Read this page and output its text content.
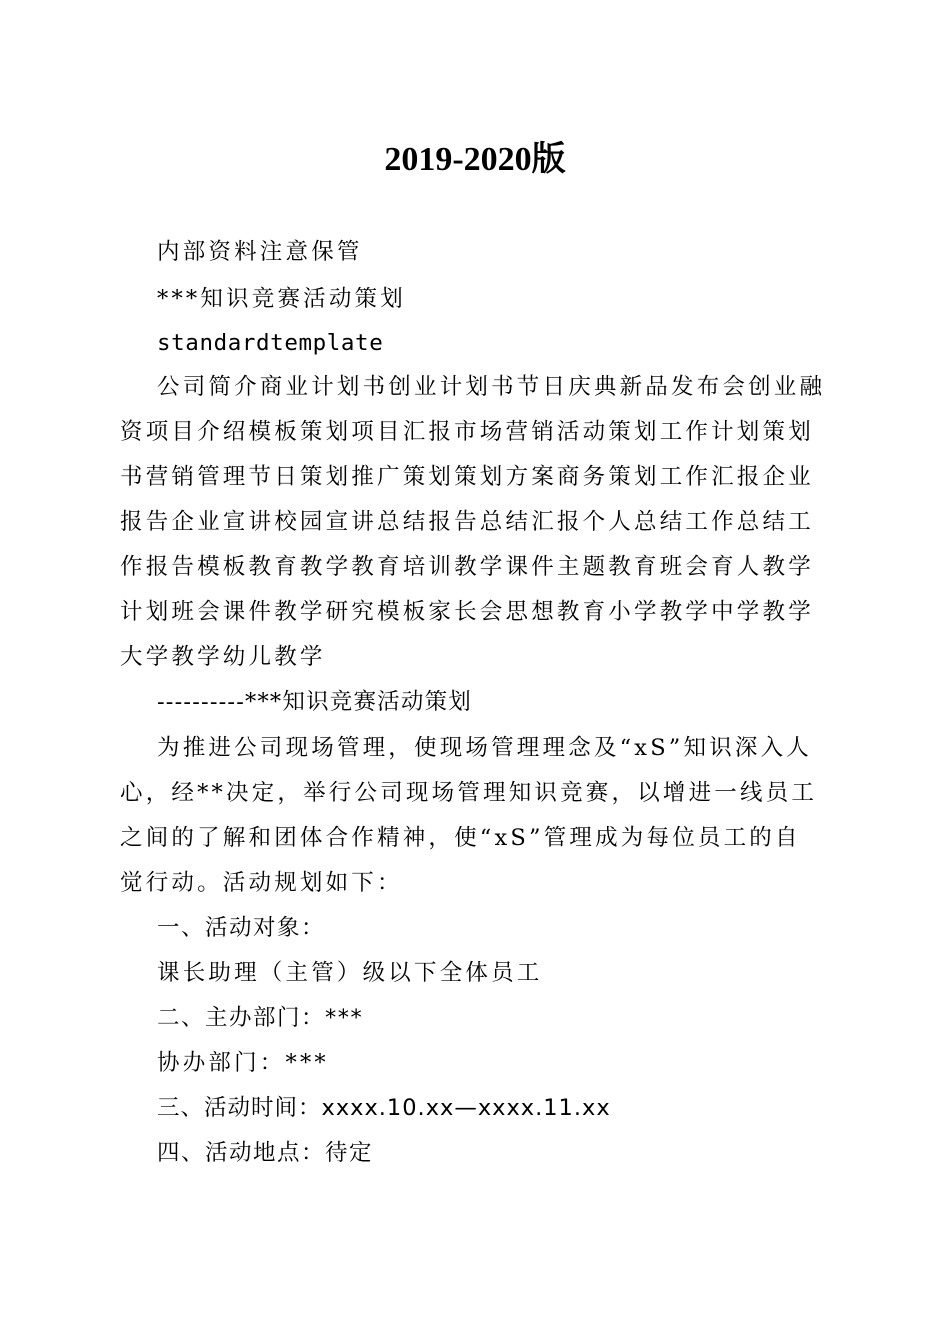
2019-2020版
内部资料注意保管
***知识竞赛活动策划
standardtemplate
公司简介商业计划书创业计划书节日庆典新品发布会创业融
资项目介绍模板策划项目汇报市场营销活动策划工作计划策划
书营销管理节日策划推广策划策划方案商务策划工作汇报企业
报告企业宣讲校园宣讲总结报告总结汇报个人总结工作总结工
作报告模板教育教学教育培训教学课件主题教育班会育人教学
计划班会课件教学研究模板家长会思想教育小学教学中学教学
大学教学幼儿教学
----------***知识竞赛活动策划
为推进公司现场管理，使现场管理理念及“xS”知识深入人
心，经**决定，举行公司现场管理知识竞赛，以增进一线员工
之间的了解和团体合作精神，使“xS”管理成为每位员工的自
觉行动。活动规划如下：
一、活动对象：
课长助理（主管）级以下全体员工
二、主办部门：***
协办部门：***
三、活动时间：xxxx.10.xx—xxxx.11.xx
四、活动地点：待定
